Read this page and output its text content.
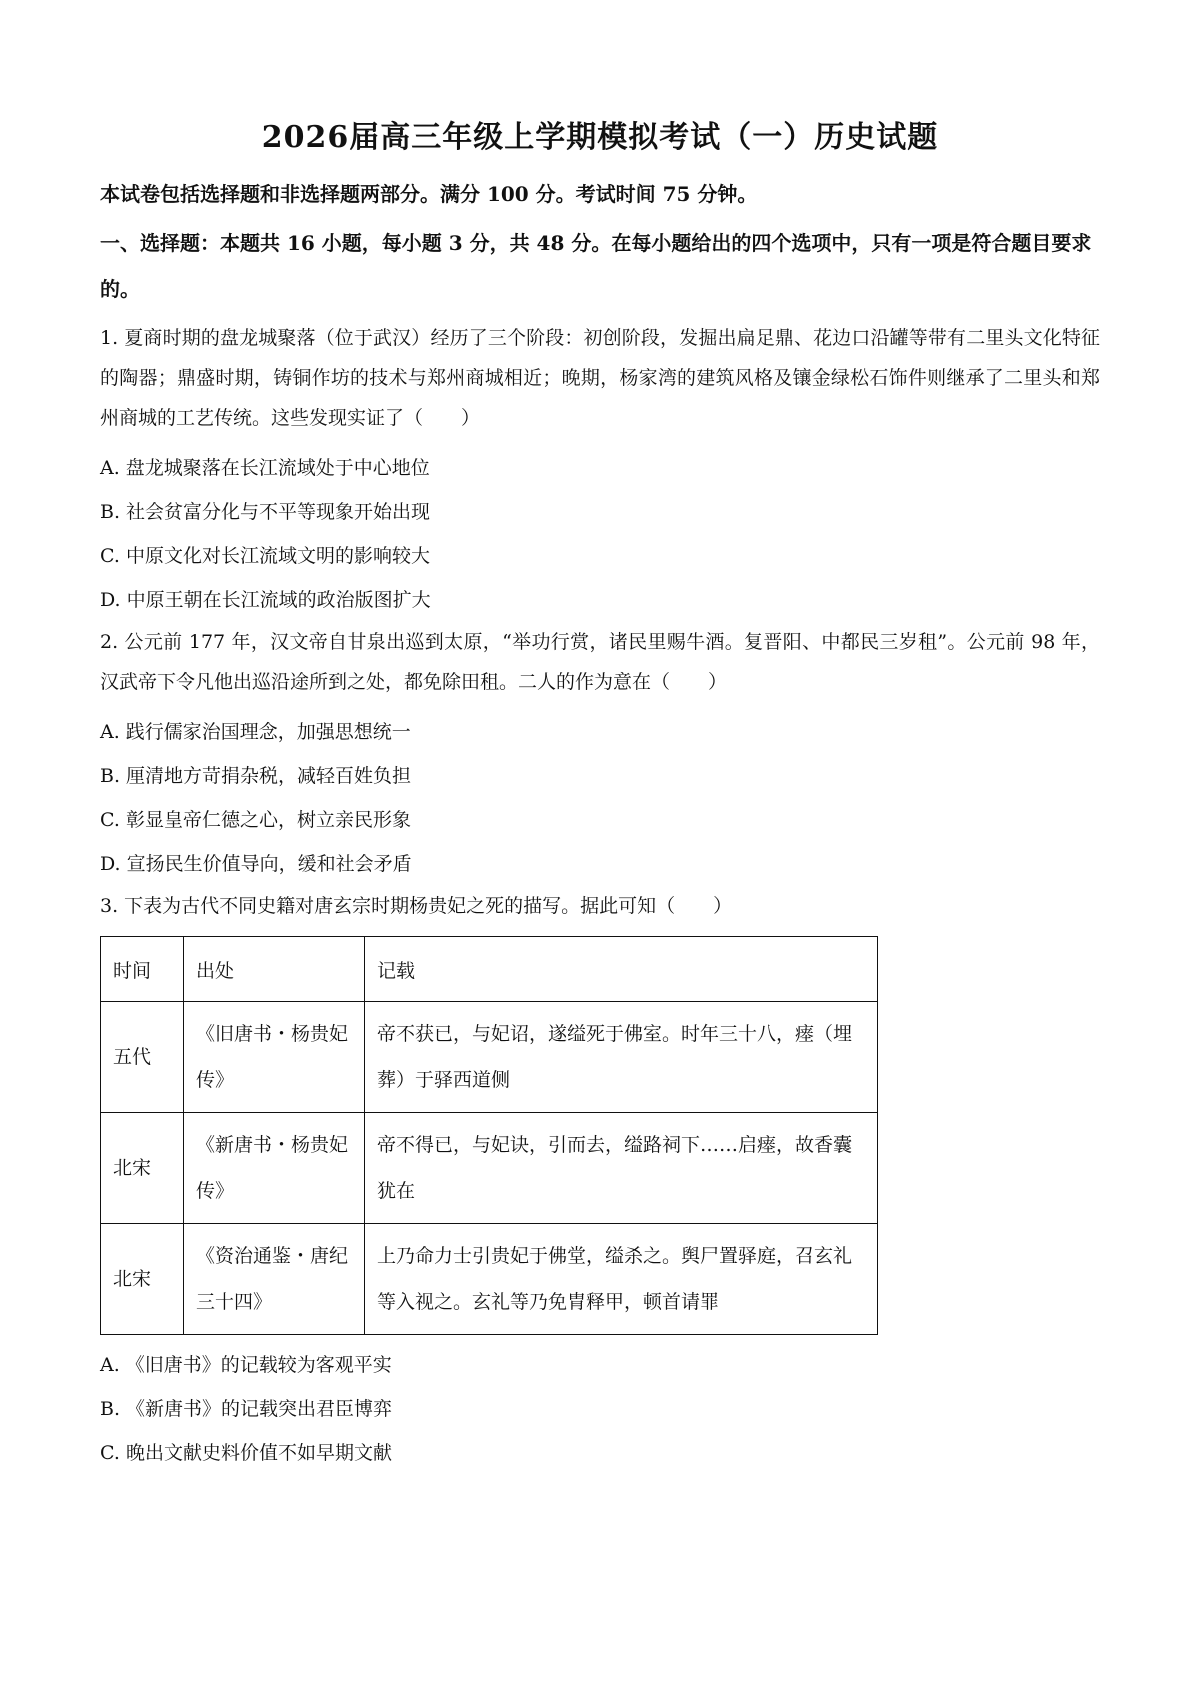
2026届高三年级上学期模拟考试（一）历史试题

本试卷包括选择题和非选择题两部分。满分 100 分。考试时间 75 分钟。

一、选择题：本题共 16 小题，每小题 3 分，共 48 分。在每小题给出的四个选项中，只有一项是符合题目要求的。

1. 夏商时期的盘龙城聚落（位于武汉）经历了三个阶段：初创阶段，发掘出扁足鼎、花边口沿罐等带有二里头文化特征的陶器；鼎盛时期，铸铜作坊的技术与郑州商城相近；晚期，杨家湾的建筑风格及镶金绿松石饰件则继承了二里头和郑州商城的工艺传统。这些发现实证了（　　）

A. 盘龙城聚落在长江流域处于中心地位

B. 社会贫富分化与不平等现象开始出现

C. 中原文化对长江流域文明的影响较大

D. 中原王朝在长江流域的政治版图扩大

2. 公元前 177 年，汉文帝自甘泉出巡到太原，“举功行赏，诸民里赐牛酒。复晋阳、中都民三岁租”。公元前 98 年，汉武帝下令凡他出巡沿途所到之处，都免除田租。二人的作为意在（　　）

A. 践行儒家治国理念，加强思想统一

B. 厘清地方苛捐杂税，减轻百姓负担

C. 彰显皇帝仁德之心，树立亲民形象

D. 宣扬民生价值导向，缓和社会矛盾

3. 下表为古代不同史籍对唐玄宗时期杨贵妃之死的描写。据此可知（　　）

时间	出处	记载
五代	《旧唐书・杨贵妃传》	帝不获已，与妃诏，遂缢死于佛室。时年三十八，瘗（埋葬）于驿西道侧
北宋	《新唐书・杨贵妃传》	帝不得已，与妃诀，引而去，缢路祠下……启瘗，故香囊犹在
北宋	《资治通鉴・唐纪三十四》	上乃命力士引贵妃于佛堂，缢杀之。舆尸置驿庭，召玄礼等入视之。玄礼等乃免胄释甲，顿首请罪

A. 《旧唐书》的记载较为客观平实

B. 《新唐书》的记载突出君臣博弈

C. 晚出文献史料价值不如早期文献
